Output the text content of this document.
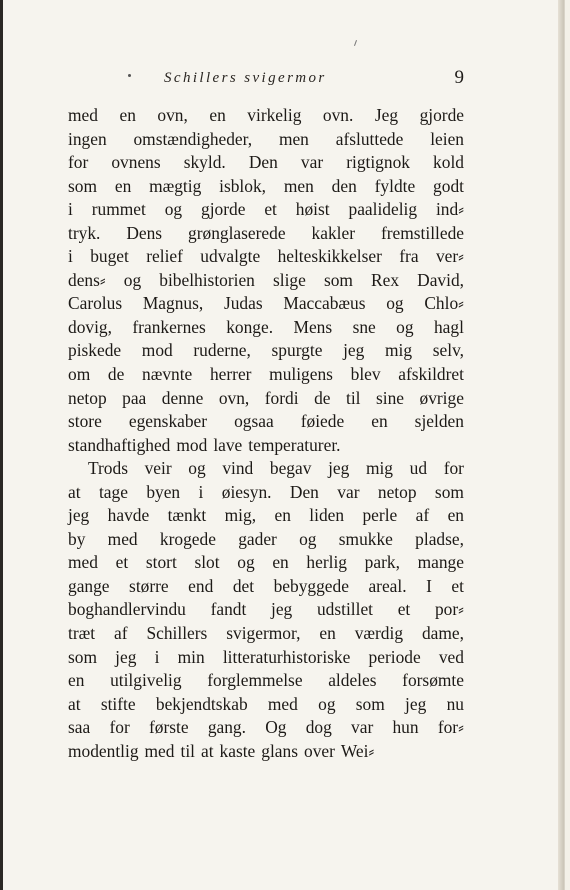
Schillers svigermor	9
med en ovn, en virkelig ovn. Jeg gjorde
ingen omstændigheder, men afsluttede leien
for ovnens skyld. Den var rigtignok kold
som en mægtig isblok, men den fyldte godt
i rummet og gjorde et høist paalidelig ind⸗
tryk. Dens grønglaserede kakler fremstillede
i buget relief udvalgte helteskikkelser fra ver⸗
dens⸗ og bibelhistorien slige som Rex David,
Carolus Magnus, Judas Maccabæus og Chlo⸗
dovig, frankernes konge. Mens sne og hagl
piskede mod ruderne, spurgte jeg mig selv,
om de nævnte herrer muligens blev afskildret
netop paa denne ovn, fordi de til sine øvrige
store egenskaber ogsaa føiede en sjelden
standhaftighed mod lave temperaturer.
Trods veir og vind begav jeg mig ud for
at tage byen i øiesyn. Den var netop som
jeg havde tænkt mig, en liden perle af en
by med krogede gader og smukke pladse,
med et stort slot og en herlig park, mange
gange større end det bebyggede areal. I et
boghandlervindu fandt jeg udstillet et por⸗
træt af Schillers svigermor, en værdig dame,
som jeg i min litteraturhistoriske periode ved
en utilgivelig forglemmelse aldeles forsømte
at stifte bekjendtskab med og som jeg nu
saa for første gang. Og dog var hun for⸗
modentlig med til at kaste glans over Wei⸗
